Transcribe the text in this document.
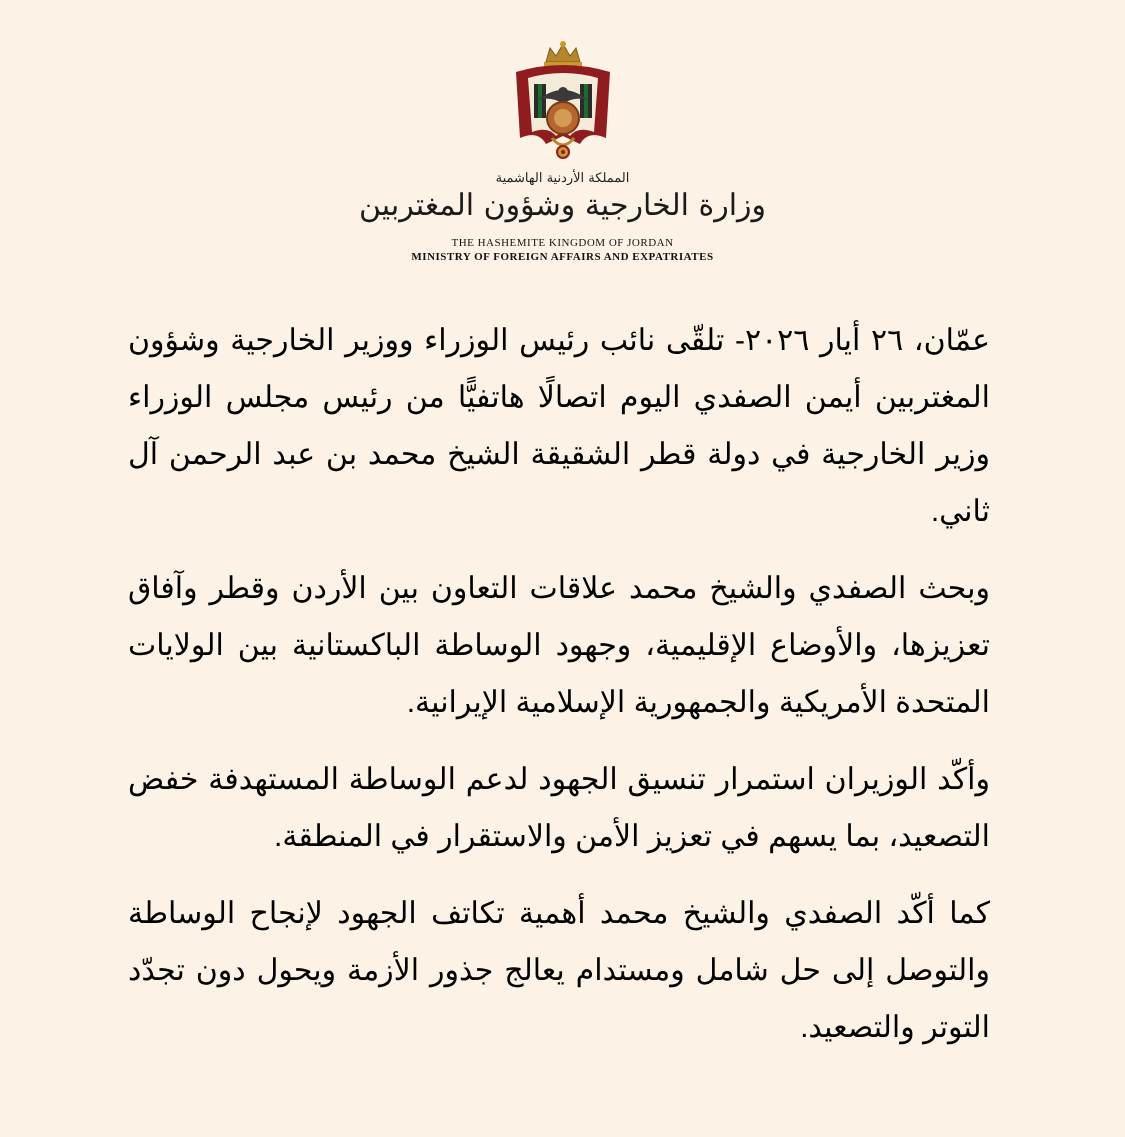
المملكة الأردنية الهاشمية
وزارة الخارجية وشؤون المغتربين
THE HASHEMITE KINGDOM OF JORDAN
MINISTRY OF FOREIGN AFFAIRS AND EXPATRIATES

عمّان، ٢٦ أيار ٢٠٢٦- تلقّى نائب رئيس الوزراء ووزير الخارجية وشؤون المغتربين أيمن الصفدي اليوم اتصالًا هاتفيًّا من رئيس مجلس الوزراء وزير الخارجية في دولة قطر الشقيقة الشيخ محمد بن عبد الرحمن آل ثاني.

وبحث الصفدي والشيخ محمد علاقات التعاون بين الأردن وقطر وآفاق تعزيزها، والأوضاع الإقليمية، وجهود الوساطة الباكستانية بين الولايات المتحدة الأمريكية والجمهورية الإسلامية الإيرانية.

وأكّد الوزيران استمرار تنسيق الجهود لدعم الوساطة المستهدفة خفض التصعيد، بما يسهم في تعزيز الأمن والاستقرار في المنطقة.

كما أكّد الصفدي والشيخ محمد أهمية تكاتف الجهود لإنجاح الوساطة والتوصل إلى حل شامل ومستدام يعالج جذور الأزمة ويحول دون تجدّد التوتر والتصعيد.
